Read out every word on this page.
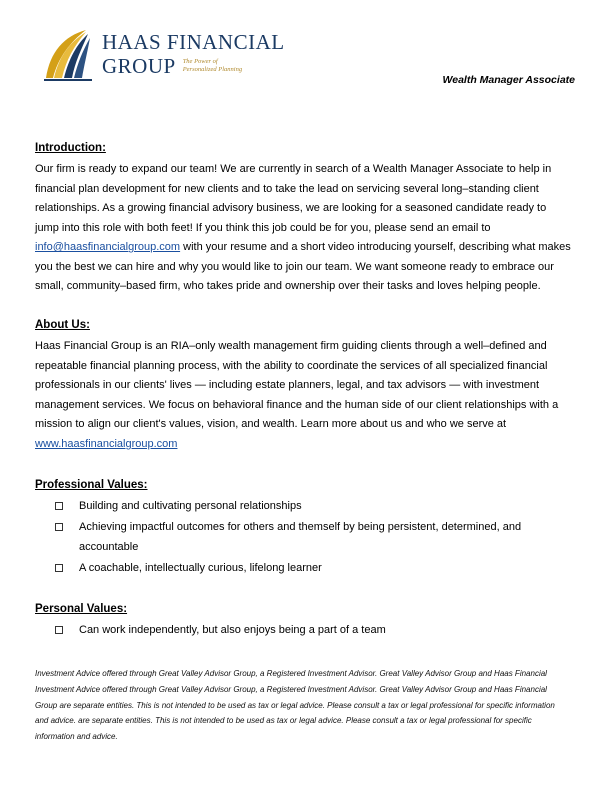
HAAS FINANCIAL
GROUP The Power of
Personalized Planning
Wealth Manager Associate
Introduction:

Our firm is ready to expand our team! We are currently in search of a Wealth Manager Associate to help in financial plan development for new clients and to take the lead on servicing several long–standing client relationships. As a growing financial advisory business, we are looking for a seasoned candidate ready to jump into this role with both feet! If you think this job could be for you, please send an email to info@haasfinancialgroup.com with your resume and a short video introducing yourself, describing what makes you the best we can hire and why you would like to join our team. We want someone ready to embrace our small, community–based firm, who takes pride and ownership over their tasks and loves helping people.

About Us:

Haas Financial Group is an RIA–only wealth management firm guiding clients through a well–defined and repeatable financial planning process, with the ability to coordinate the services of all specialized financial professionals in our clients' lives — including estate planners, legal, and tax advisors — with investment management services. We focus on behavioral finance and the human side of our client relationships with a mission to align our client's values, vision, and wealth. Learn more about us and who we serve at www.haasfinancialgroup.com

Professional Values:
Building and cultivating personal relationships
Achieving impactful outcomes for others and themself by being persistent, determined, and accountable
A coachable, intellectually curious, lifelong learner
Personal Values:
Can work independently, but also enjoys being a part of a team
Investment Advice offered through Great Valley Advisor Group, a Registered Investment Advisor. Great Valley Advisor Group and Haas Financial Investment Advice offered through Great Valley Advisor Group, a Registered Investment Advisor. Great Valley Advisor Group and Haas Financial Group are separate entities. This is not intended to be used as tax or legal advice. Please consult a tax or legal professional for specific information and advice. are separate entities. This is not intended to be used as tax or legal advice. Please consult a tax or legal professional for specific information and advice.
